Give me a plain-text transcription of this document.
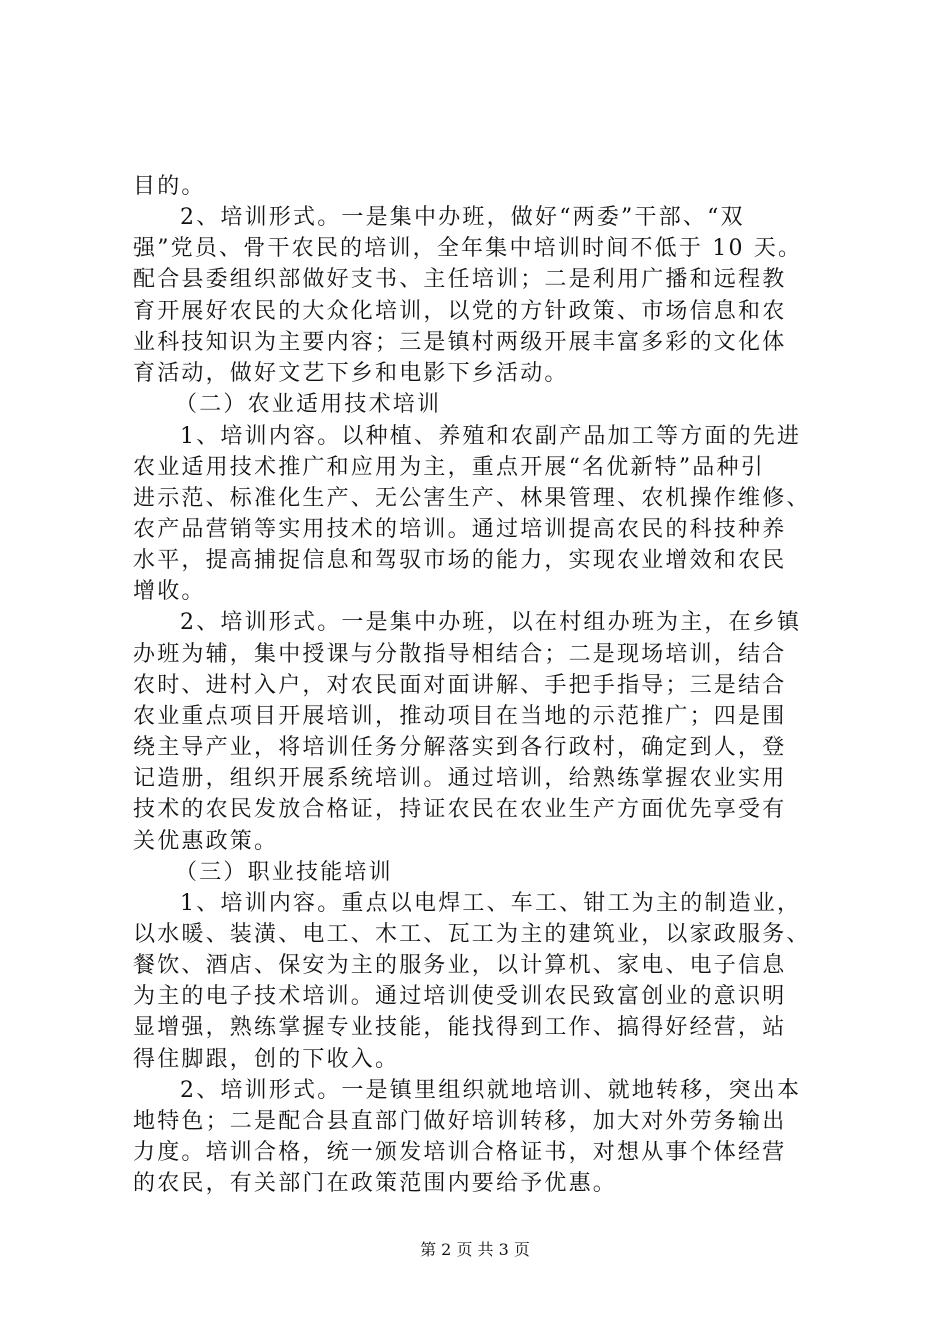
目的。
2、培训形式。一是集中办班，做好“两委”干部、“双
强”党员、骨干农民的培训，全年集中培训时间不低于 10 天。
配合县委组织部做好支书、主任培训；二是利用广播和远程教
育开展好农民的大众化培训，以党的方针政策、市场信息和农
业科技知识为主要内容；三是镇村两级开展丰富多彩的文化体
育活动，做好文艺下乡和电影下乡活动。
（二）农业适用技术培训
1、培训内容。以种植、养殖和农副产品加工等方面的先进
农业适用技术推广和应用为主，重点开展“名优新特”品种引
进示范、标准化生产、无公害生产、林果管理、农机操作维修、
农产品营销等实用技术的培训。通过培训提高农民的科技种养
水平，提高捕捉信息和驾驭市场的能力，实现农业增效和农民
增收。
2、培训形式。一是集中办班，以在村组办班为主，在乡镇
办班为辅，集中授课与分散指导相结合；二是现场培训，结合
农时、进村入户，对农民面对面讲解、手把手指导；三是结合
农业重点项目开展培训，推动项目在当地的示范推广；四是围
绕主导产业，将培训任务分解落实到各行政村，确定到人，登
记造册，组织开展系统培训。通过培训，给熟练掌握农业实用
技术的农民发放合格证，持证农民在农业生产方面优先享受有
关优惠政策。
（三）职业技能培训
1、培训内容。重点以电焊工、车工、钳工为主的制造业，
以水暖、装潢、电工、木工、瓦工为主的建筑业，以家政服务、
餐饮、酒店、保安为主的服务业，以计算机、家电、电子信息
为主的电子技术培训。通过培训使受训农民致富创业的意识明
显增强，熟练掌握专业技能，能找得到工作、搞得好经营，站
得住脚跟，创的下收入。
2、培训形式。一是镇里组织就地培训、就地转移，突出本
地特色；二是配合县直部门做好培训转移，加大对外劳务输出
力度。培训合格，统一颁发培训合格证书，对想从事个体经营
的农民，有关部门在政策范围内要给予优惠。
第 2 页 共 3 页
